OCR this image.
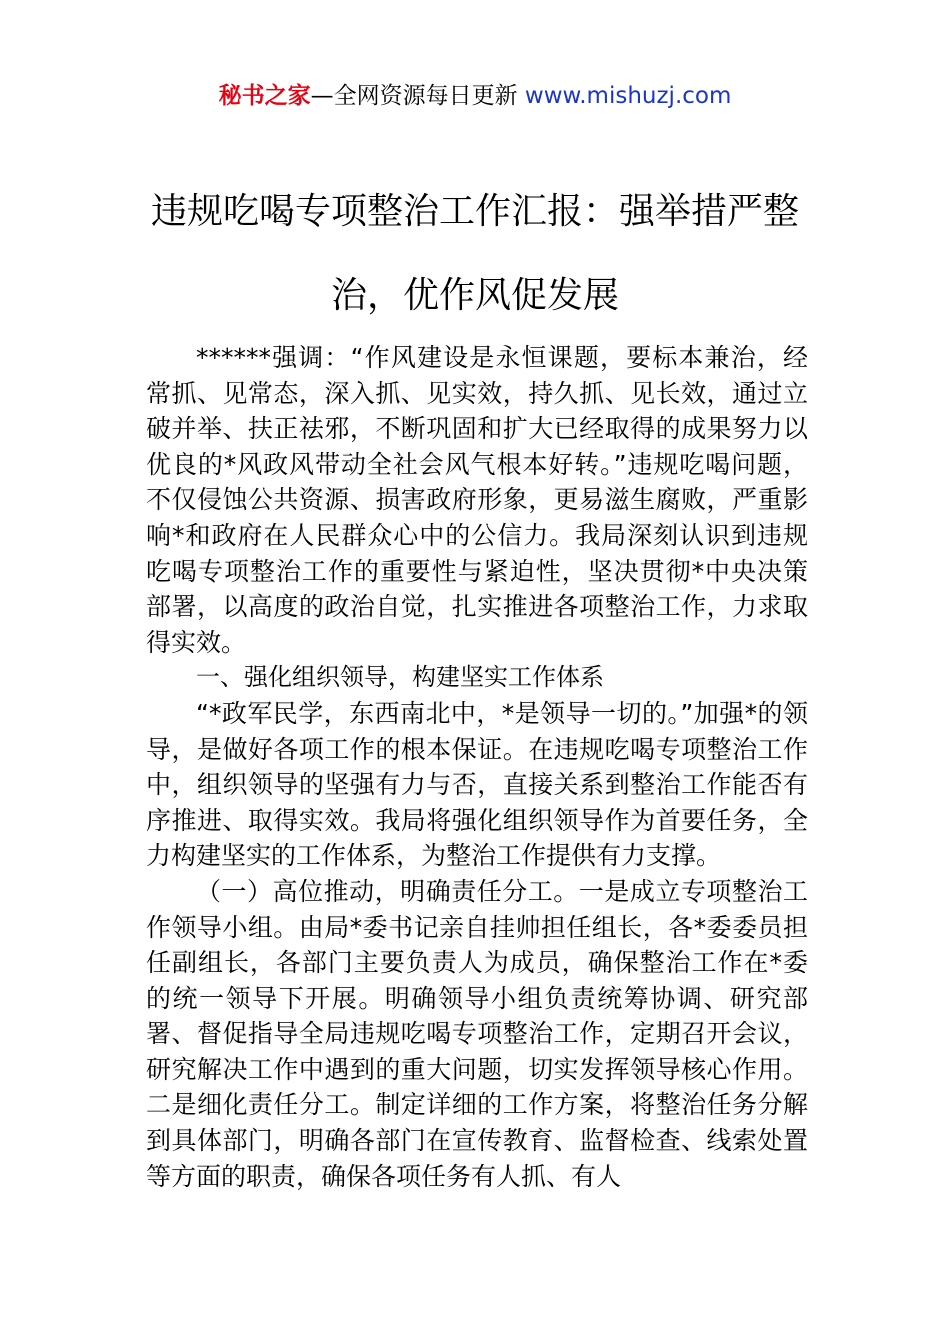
秘书之家—全网资源每日更新 www.mishuzj.com
违规吃喝专项整治工作汇报：强举措严整
治，优作风促发展

******强调：“作风建设是永恒课题，要标本兼治，经常抓、见常态，深入抓、见实效，持久抓、见长效，通过立破并举、扶正祛邪，不断巩固和扩大已经取得的成果努力以优良的*风政风带动全社会风气根本好转。”违规吃喝问题，不仅侵蚀公共资源、损害政府形象，更易滋生腐败，严重影响*和政府在人民群众心中的公信力。我局深刻认识到违规吃喝专项整治工作的重要性与紧迫性，坚决贯彻*中央决策部署，以高度的政治自觉，扎实推进各项整治工作，力求取得实效。

一、强化组织领导，构建坚实工作体系

“*政军民学，东西南北中，*是领导一切的。”加强*的领导，是做好各项工作的根本保证。在违规吃喝专项整治工作中，组织领导的坚强有力与否，直接关系到整治工作能否有序推进、取得实效。我局将强化组织领导作为首要任务，全力构建坚实的工作体系，为整治工作提供有力支撑。

（一）高位推动，明确责任分工。一是成立专项整治工作领导小组。由局*委书记亲自挂帅担任组长，各*委委员担任副组长，各部门主要负责人为成员，确保整治工作在*委的统一领导下开展。明确领导小组负责统筹协调、研究部署、督促指导全局违规吃喝专项整治工作，定期召开会议，研究解决工作中遇到的重大问题，切实发挥领导核心作用。二是细化责任分工。制定详细的工作方案，将整治任务分解到具体部门，明确各部门在宣传教育、监督检查、线索处置等方面的职责，确保各项任务有人抓、有人
